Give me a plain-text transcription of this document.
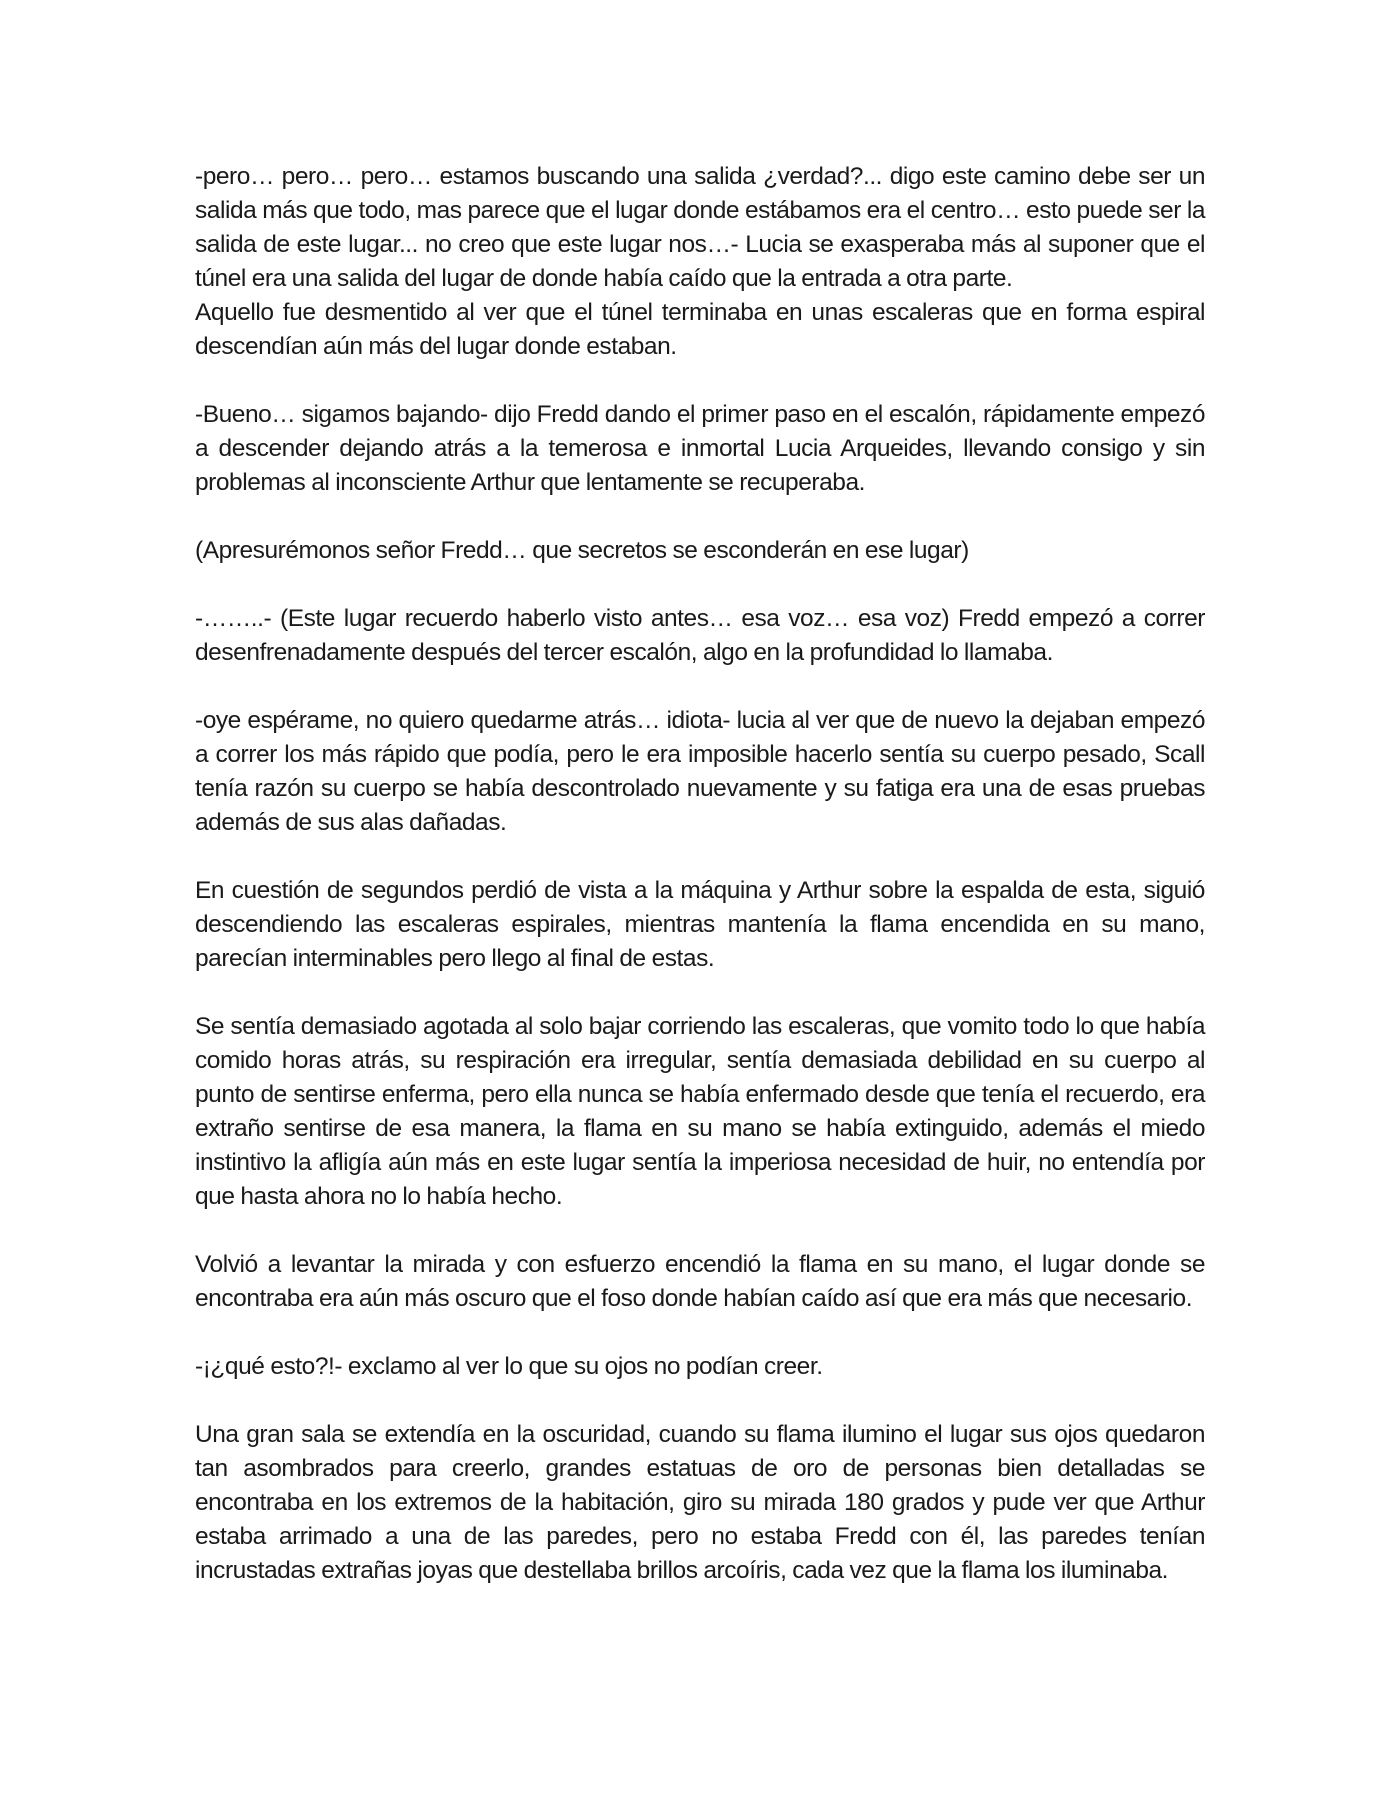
-pero… pero… pero… estamos buscando una salida ¿verdad?... digo este camino debe ser un salida más que todo, mas parece que el lugar donde estábamos era el centro… esto puede ser la salida de este lugar... no creo que este lugar nos…- Lucia se exasperaba más al suponer que el túnel era una salida del lugar de donde había caído que la entrada a otra parte.

Aquello fue desmentido al ver que el túnel terminaba en unas escaleras que en forma espiral descendían aún más del lugar donde estaban.

-Bueno… sigamos bajando- dijo Fredd dando el primer paso en el escalón, rápidamente empezó a descender dejando atrás a la temerosa e inmortal Lucia Arqueides, llevando consigo y sin problemas al inconsciente Arthur que lentamente se recuperaba.

(Apresurémonos señor Fredd… que secretos se esconderán en ese lugar)

-……..- (Este lugar recuerdo haberlo visto antes… esa voz… esa voz) Fredd empezó a correr desenfrenadamente después del tercer escalón, algo en la profundidad lo llamaba.

-oye espérame, no quiero quedarme atrás… idiota- lucia al ver que de nuevo la dejaban empezó a correr los más rápido que podía, pero le era imposible hacerlo sentía su cuerpo pesado, Scall tenía razón su cuerpo se había descontrolado nuevamente y su fatiga era una de esas pruebas además de sus alas dañadas.

En cuestión de segundos perdió de vista a la máquina y Arthur sobre la espalda de esta, siguió descendiendo las escaleras espirales, mientras mantenía la flama encendida en su mano, parecían interminables pero llego al final de estas.

Se sentía demasiado agotada al solo bajar corriendo las escaleras, que vomito todo lo que había comido horas atrás, su respiración era irregular, sentía demasiada debilidad en su cuerpo al punto de sentirse enferma, pero ella nunca se había enfermado desde que tenía el recuerdo, era extraño sentirse de esa manera, la flama en su mano se había extinguido, además el miedo instintivo la afligía aún más en este lugar sentía la imperiosa necesidad de huir, no entendía por que hasta ahora no lo había hecho.

Volvió a levantar la mirada y con esfuerzo encendió la flama en su mano, el lugar donde se encontraba era aún más oscuro que el foso donde habían caído así que era más que necesario.

-¡¿qué esto?!- exclamo al ver lo que su ojos no podían creer.

Una gran sala se extendía en la oscuridad, cuando su flama ilumino el lugar sus ojos quedaron tan asombrados para creerlo, grandes estatuas de oro de personas bien detalladas se encontraba en los extremos de la habitación, giro su mirada 180 grados y pude ver que Arthur estaba arrimado a una de las paredes, pero no estaba Fredd con él, las paredes tenían incrustadas extrañas joyas que destellaba brillos arcoíris, cada vez que la flama los iluminaba.
